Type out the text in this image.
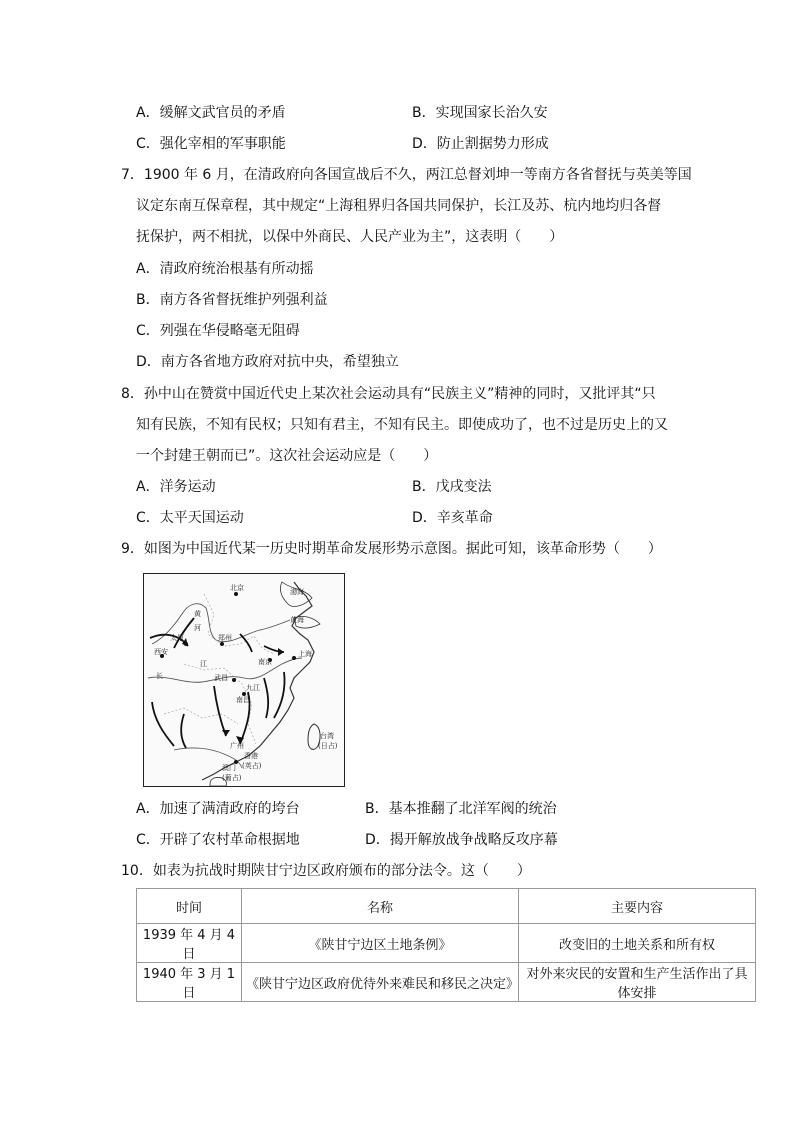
A．缓解文武官员的矛盾	B．实现国家长治久安
C．强化宰相的军事职能	D．防止割据势力形成
7．1900 年 6 月，在清政府向各国宣战后不久，两江总督刘坤一等南方各省督抚与英美等国
议定东南互保章程，其中规定“上海租界归各国共同保护，长江及苏、杭内地均归各督
抚保护，两不相扰，以保中外商民、人民产业为主”，这表明（　　）
A．清政府统治根基有所动摇
B．南方各省督抚维护列强利益
C．列强在华侵略毫无阻碍
D．南方各省地方政府对抗中央，希望独立
8．孙中山在赞赏中国近代史上某次社会运动具有“民族主义”精神的同时，又批评其“只
知有民族，不知有民权；只知有君主，不知有民主。即使成功了，也不过是历史上的又
一个封建王朝而已”。这次社会运动应是（　　）
A．洋务运动	B．戊戌变法
C．太平天国运动	D．辛亥革命
9．如图为中国近代某一历史时期革命发展形势示意图。据此可知，该革命形势（　　）
北京	渤海
黄
河
黄海
太原	郑州
西安
南京
上海
江
长	武昌
九江
南昌
台湾
(日占)
广州
香港
(英占)
澳门
(葡占)
A．加速了满清政府的垮台	B．基本推翻了北洋军阀的统治
C．开辟了农村革命根据地	D．揭开解放战争战略反攻序幕
10．如表为抗战时期陕甘宁边区政府颁布的部分法令。这（　　）
时间	名称	主要内容
1939 年 4 月 4 日	《陕甘宁边区土地条例》	改变旧的土地关系和所有权
1940 年 3 月 1 日	《陕甘宁边区政府优待外来难民和移民之决定》	对外来灾民的安置和生产生活作出了具体安排
